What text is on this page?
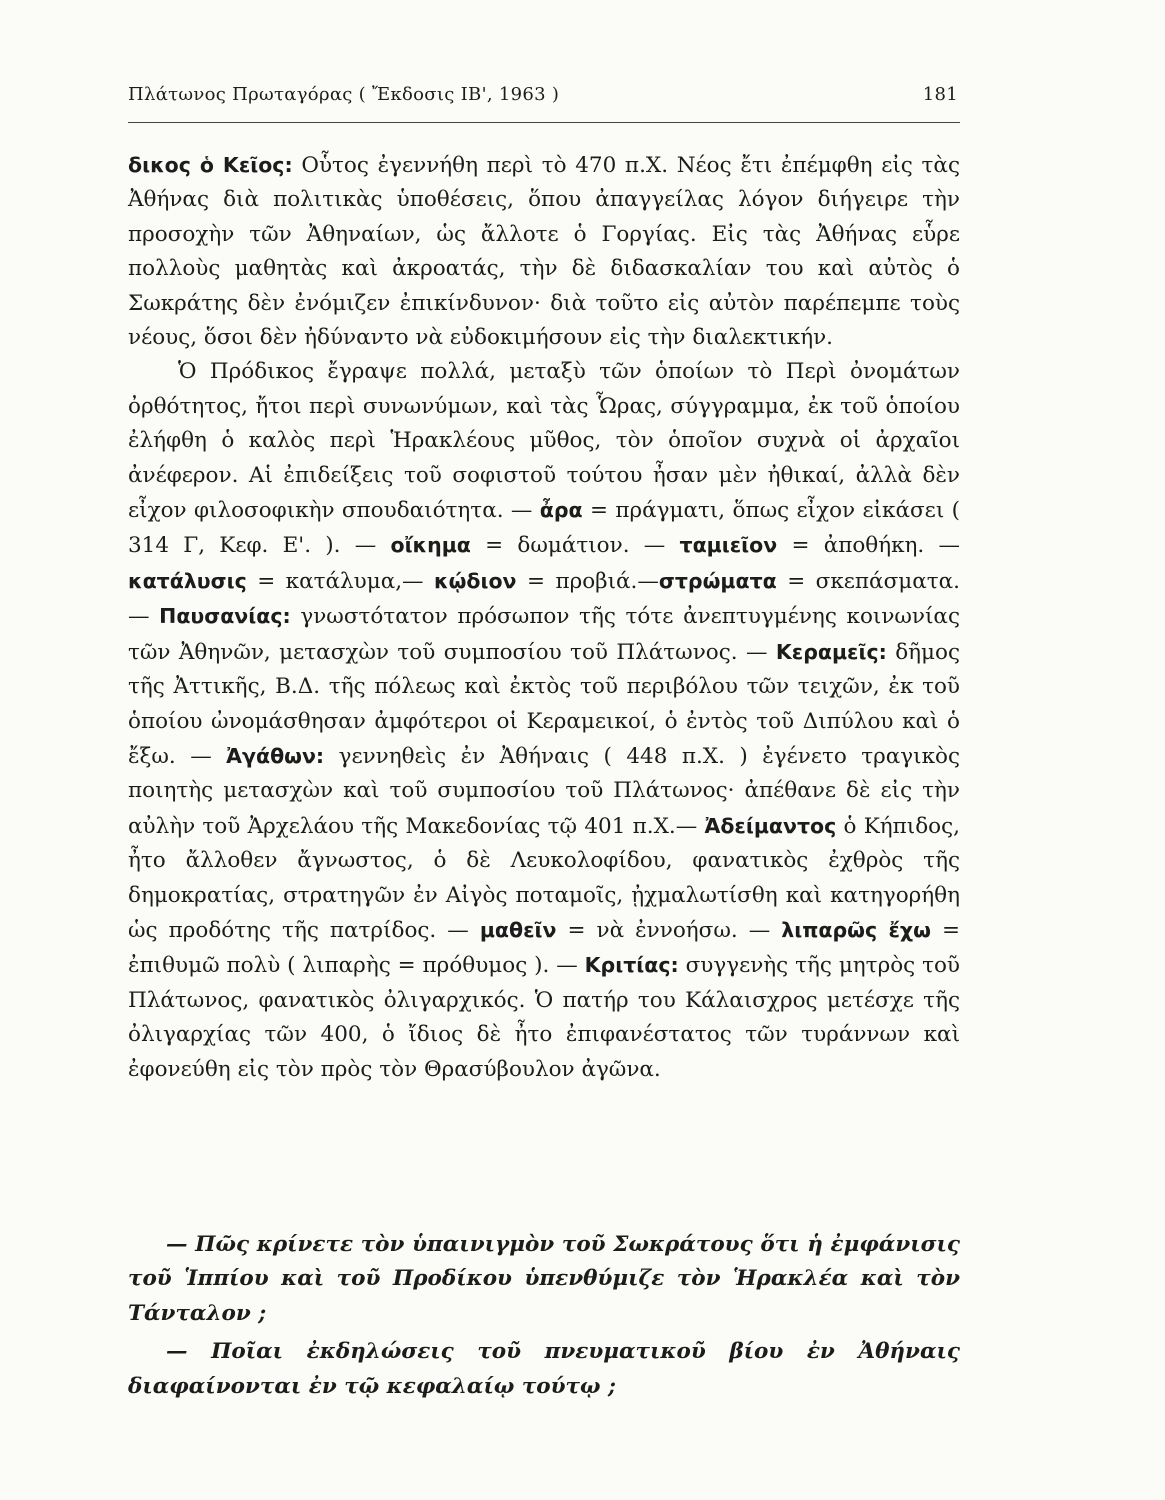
Πλάτωνος Πρωταγόρας ( Ἔκδοσις ΙΒ', 1963 )	181

δικος ὁ Κεῖος: Οὗτος ἐγεννήθη περὶ τὸ 470 π.Χ. Νέος ἔτι ἐπέμφθη εἰς τὰς Ἀθήνας διὰ πολιτικὰς ὑποθέσεις, ὅπου ἀπαγγείλας λόγον διήγειρε τὴν προσοχὴν τῶν Ἀθηναίων, ὡς ἄλλοτε ὁ Γοργίας. Εἰς τὰς Ἀθήνας εὗρε πολλοὺς μαθητὰς καὶ ἀκροατάς, τὴν δὲ διδασκαλίαν του καὶ αὐτὸς ὁ Σωκράτης δὲν ἐνόμιζεν ἐπικίνδυνον· διὰ τοῦτο εἰς αὐτὸν παρέπεμπε τοὺς νέους, ὅσοι δὲν ἠδύναντο νὰ εὐδοκιμήσουν εἰς τὴν διαλεκτικήν.

Ὁ Πρόδικος ἔγραψε πολλά, μεταξὺ τῶν ὁποίων τὸ Περὶ ὀνομάτων ὀρθότητος, ἤτοι περὶ συνωνύμων, καὶ τὰς Ὧρας, σύγγραμμα, ἐκ τοῦ ὁποίου ἐλήφθη ὁ καλὸς περὶ Ἡρακλέους μῦθος, τὸν ὁποῖον συχνὰ οἱ ἀρχαῖοι ἀνέφερον. Αἱ ἐπιδείξεις τοῦ σοφιστοῦ τούτου ἦσαν μὲν ἠθικαί, ἀλλὰ δὲν εἶχον φιλοσοφικὴν σπουδαιότητα. — ἆρα = πράγματι, ὅπως εἶχον εἰκάσει ( 314 Γ, Κεφ. Ε'. ). — οἴκημα = δωμάτιον. — ταμιεῖον = ἀποθήκη. — κατάλυσις = κατάλυμα,— κῴδιον = προβιά.—στρώματα = σκεπάσματα. — Παυσανίας: γνωστότατον πρόσωπον τῆς τότε ἀνεπτυγμένης κοινωνίας τῶν Ἀθηνῶν, μετασχὼν τοῦ συμποσίου τοῦ Πλάτωνος. — Κεραμεῖς: δῆμος τῆς Ἀττικῆς, Β.Δ. τῆς πόλεως καὶ ἐκτὸς τοῦ περιβόλου τῶν τειχῶν, ἐκ τοῦ ὁποίου ὠνομάσθησαν ἀμφότεροι οἱ Κεραμεικοί, ὁ ἐντὸς τοῦ Διπύλου καὶ ὁ ἔξω. — Ἀγάθων: γεννηθεὶς ἐν Ἀθήναις ( 448 π.Χ. ) ἐγένετο τραγικὸς ποιητὴς μετασχὼν καὶ τοῦ συμποσίου τοῦ Πλάτωνος· ἀπέθανε δὲ εἰς τὴν αὐλὴν τοῦ Ἀρχελάου τῆς Μακεδονίας τῷ 401 π.Χ.— Ἀδείμαντος ὁ Κήπιδος, ἦτο ἄλλοθεν ἄγνωστος, ὁ δὲ Λευκολοφίδου, φανατικὸς ἐχθρὸς τῆς δημοκρατίας, στρατηγῶν ἐν Αἰγὸς ποταμοῖς, ᾐχμαλωτίσθη καὶ κατηγορήθη ὡς προδότης τῆς πατρίδος. — μαθεῖν = νὰ ἐννοήσω. — λιπαρῶς ἔχω = ἐπιθυμῶ πολὺ ( λιπαρὴς = πρόθυμος ). — Κριτίας: συγγενὴς τῆς μητρὸς τοῦ Πλάτωνος, φανατικὸς ὀλιγαρχικός. Ὁ πατήρ του Κάλαισχρος μετέσχε τῆς ὀλιγαρχίας τῶν 400, ὁ ἴδιος δὲ ἦτο ἐπιφανέστατος τῶν τυράννων καὶ ἐφονεύθη εἰς τὸν πρὸς τὸν Θρασύβουλον ἀγῶνα.

— Πῶς κρίνετε τὸν ὑπαινιγμὸν τοῦ Σωκράτους ὅτι ἡ ἐμφάνισις τοῦ Ἱππίου καὶ τοῦ Προδίκου ὑπενθύμιζε τὸν Ἡρακλέα καὶ τὸν Τάνταλον ;

— Ποῖαι ἐκδηλώσεις τοῦ πνευματικοῦ βίου ἐν Ἀθήναις διαφαίνονται ἐν τῷ κεφαλαίῳ τούτῳ ;
